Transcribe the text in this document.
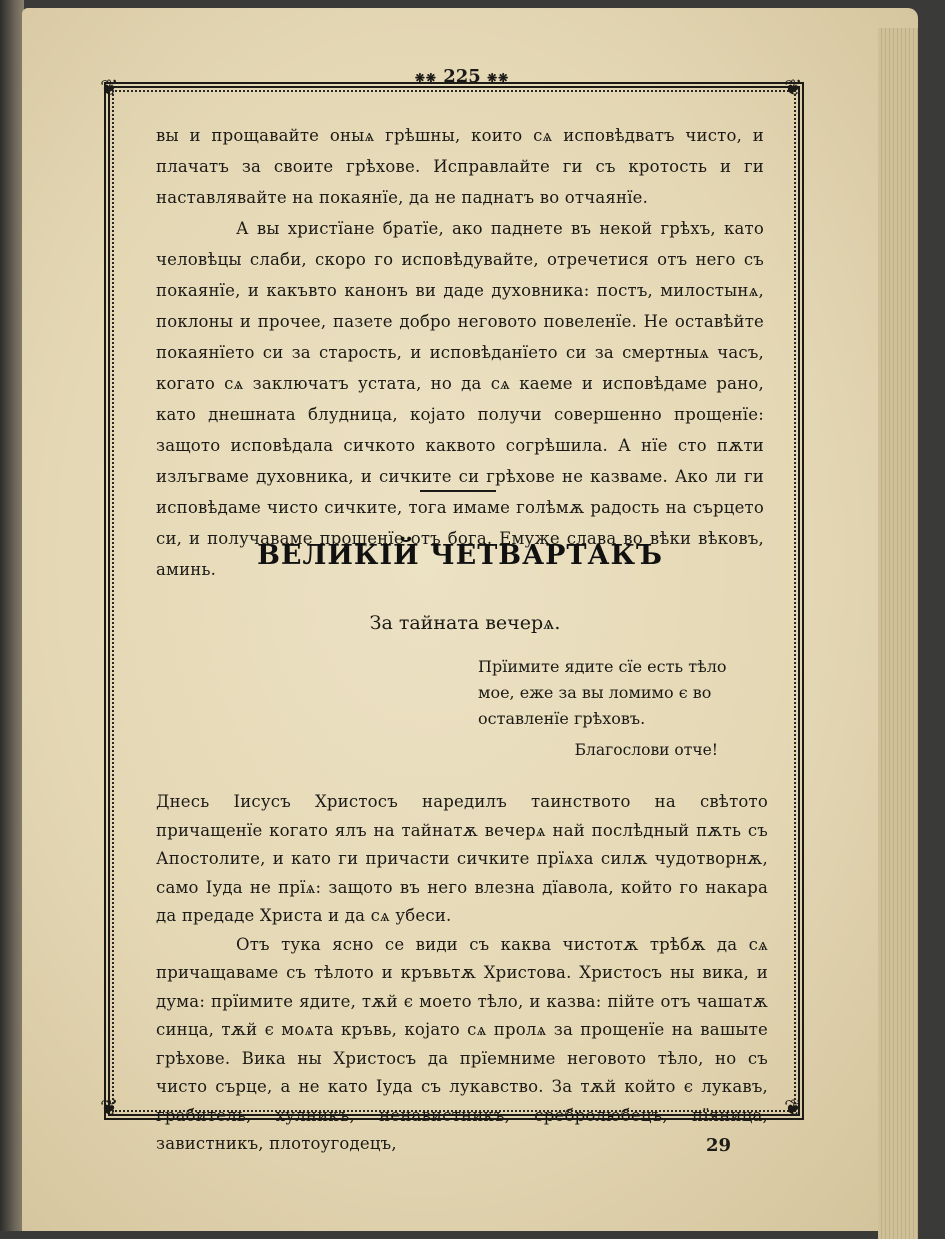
❋❋ 225 ❋❋
❦	❦
❦	❦

вы и прощавайте оныѧ грѣшны, които сѧ исповѣдватъ чисто, и плачатъ за своите грѣхове. Исправлайте ги съ кротость и ги наставлявайте на покаянїе, да не паднатъ во отчаянїе.

А вы христїане братїе, ако паднете въ некой грѣхъ, като человѣцы слаби, скоро го исповѣдувайте, отречетися отъ него съ покаянїе, и какъвто канонъ ви даде духовника: постъ, милостынѧ, поклоны и прочее, пазете добро неговото повеленїе. Не оставѣйте покаянїето си за старость, и исповѣданїето си за смертныѧ часъ, когато сѧ заключатъ устата, но да сѧ каеме и исповѣдаме рано, като днешната блудница, којато получи совершенно прощенїе: защото исповѣдала сичкото каквото согрѣшила. А нїе сто пѫти излъгваме духовника, и сичките си грѣхове не казваме. Ако ли ги исповѣдаме чисто сичките, тога имаме голѣмѫ радость на сърцето си, и получаваме прощенїе отъ бога. Емуже слава во вѣки вѣковъ, аминь.	ВЕЛИКІЙ ЧЕТВАРТАКЪ
За тайната вечерѧ.
Прїимите ядите сїе есть тѣло мое, еже за вы ломимо є во оставленїе грѣховъ.
Благослови отче!

Днесь Іисусъ Христосъ наредилъ таинството на свѣтото причащенїе когато ялъ на тайнатѫ вечерѧ най послѣдный пѫть съ Апостолите, и като ги причасти сичките прїѧха силѫ чудотворнѫ, само Іуда не прїѧ: защото въ него влезна дїавола, който го накара да предаде Христа и да сѧ убеси.

Отъ тука ясно се види съ каква чистотѫ трѣбѫ да сѧ причащаваме съ тѣлото и кръвьтѫ Христова. Христосъ ны вика, и дума: прїимите ядите, тѫй є моето тѣло, и казва: пійте отъ чашатѫ синца, тѫй є моѧта кръвь, којато сѧ пролѧ за прощенїе на вашыте грѣхове. Вика ны Христосъ да прїемниме неговото тѣло, но съ чисто сърце, а не като Іуда съ лукавство. За тѫй който є лукавъ, грабитель, хулникъ, ненавистникъ, сребролюбецъ, пїяница, завистникъ, плотоугодецъ,	29
